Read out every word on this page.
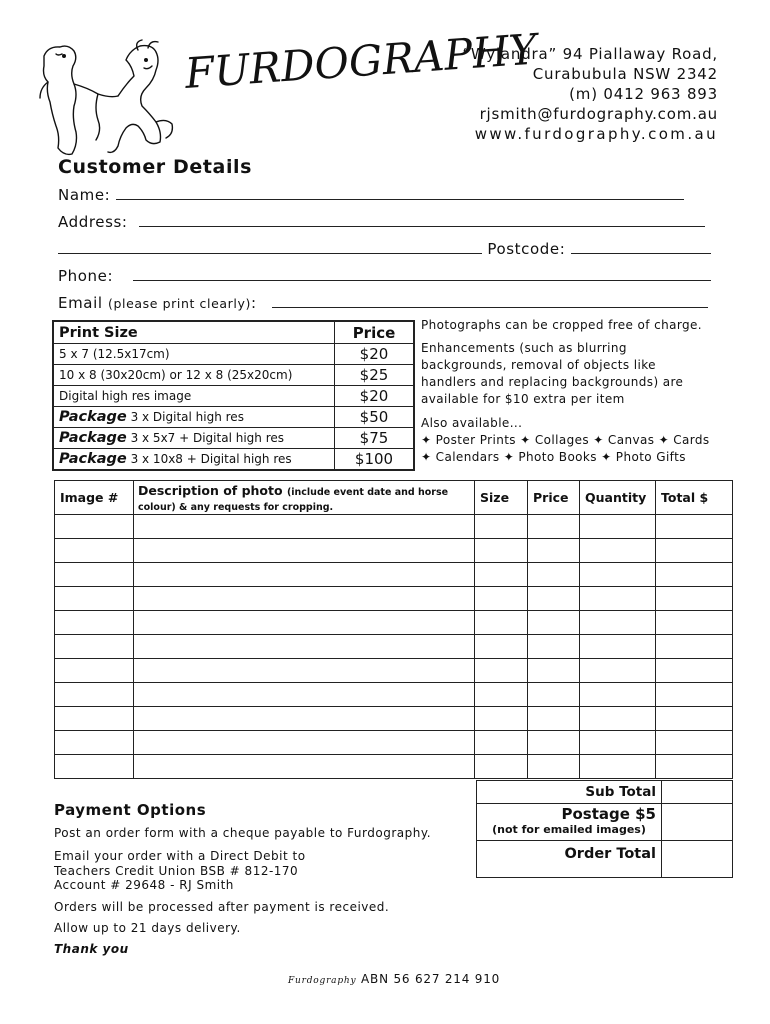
FURDOGRAPHY
“Wylandra” 94 Piallaway Road,
Curabubula NSW 2342
(m) 0412 963 893
rjsmith@furdography.com.au
www.furdography.com.au
Customer Details
Name:
Address:
Postcode:
Phone:
Email (please print clearly):
Print Size	Price
5 x 7 (12.5x17cm)	$20
10 x 8 (30x20cm) or 12 x 8 (25x20cm)	$25
Digital high res image	$20
Package 3 x Digital high res	$50
Package 3 x 5x7 + Digital high res	$75
Package 3 x 10x8 + Digital high res	$100
Photographs can be cropped free of charge.
Enhancements (such as blurring backgrounds, removal of objects like handlers and replacing backgrounds) are available for $10 extra per item
Also available...
✦ Poster Prints ✦ Collages ✦ Canvas ✦ Cards
✦ Calendars ✦ Photo Books ✦ Photo Gifts
Image #	Description of photo (include event date and horse
colour) & any requests for cropping.	Size	Price	Quantity	Total $

Sub Total	

Postage $5
(not for emailed images)	

Order Total	
Payment Options
Post an order form with a cheque payable to Furdography.
Email your order with a Direct Debit to
Teachers Credit Union BSB # 812-170
Account # 29648 - RJ Smith
Orders will be processed after payment is received.
Allow up to 21 days delivery.
Thank you
Furdography ABN 56 627 214 910
